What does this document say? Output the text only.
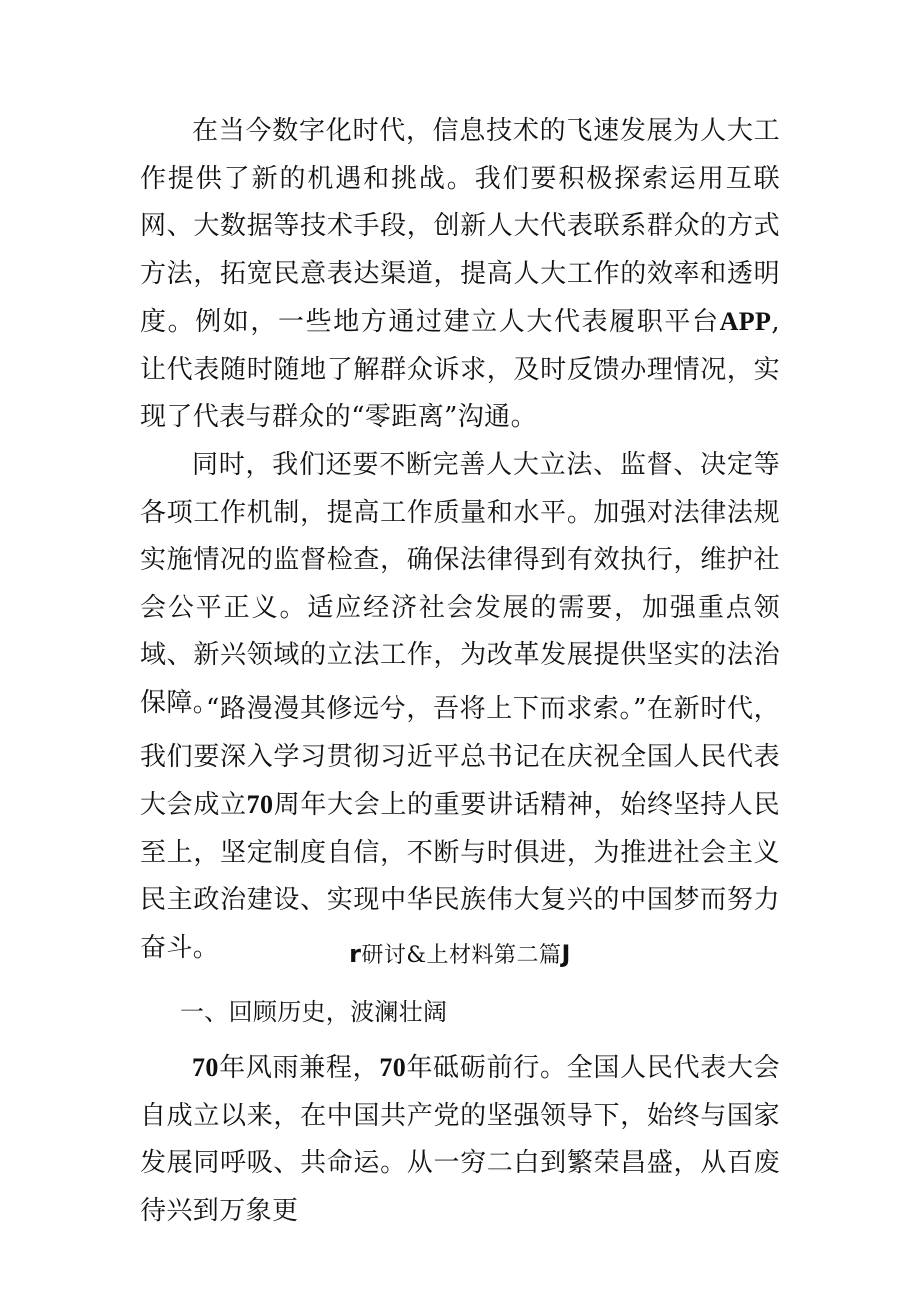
在当今数字化时代，信息技术的飞速发展为人大工作提供了新的机遇和挑战。我们要积极探索运用互联网、大数据等技术手段，创新人大代表联系群众的方式方法，拓宽民意表达渠道，提高人大工作的效率和透明度。例如，一些地方通过建立人大代表履职平台APP,让代表随时随地了解群众诉求，及时反馈办理情况，实现了代表与群众的“零距离”沟通。

同时，我们还要不断完善人大立法、监督、决定等各项工作机制，提高工作质量和水平。加强对法律法规实施情况的监督检查，确保法律得到有效执行，维护社会公平正义。适应经济社会发展的需要，加强重点领域、新兴领域的立法工作，为改革发展提供坚实的法治保障。

“路漫漫其修远兮，吾将上下而求索。”在新时代，我们要深入学习贯彻习近平总书记在庆祝全国人民代表大会成立70周年大会上的重要讲话精神，始终坚持人民至上，坚定制度自信，不断与时俱进，为推进社会主义民主政治建设、实现中华民族伟大复兴的中国梦而努力奋斗。	r研讨&上材料第二篇J
一、回顾历史，波澜壮阔

70年风雨兼程，70年砥砺前行。全国人民代表大会自成立以来，在中国共产党的坚强领导下，始终与国家发展同呼吸、共命运。从一穷二白到繁荣昌盛，从百废待兴到万象更
